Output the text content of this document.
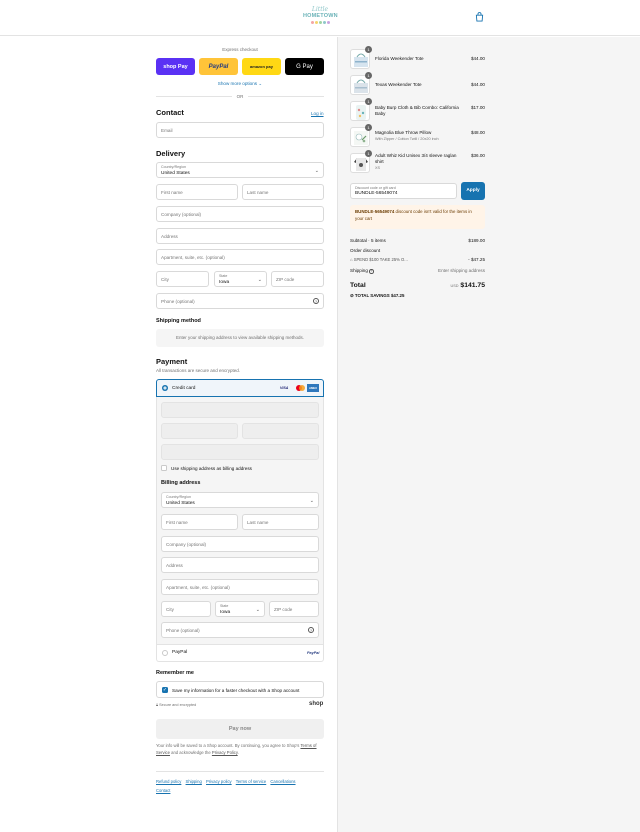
Little
HOMETOWN
Express checkout
shop Pay	PayPal	amazon pay	G Pay
Show more options ⌄
OR
Contact	Log in
Email
Delivery
Country/Region
United States	⌄
First name	Last name
Company (optional)
Address
Apartment, suite, etc. (optional)
City
State
Iowa	⌄	ZIP code
Phone (optional)	?
Shipping method
Enter your shipping address to view available shipping methods.
Payment
All transactions are secure and encrypted.
Credit card	VISA	AMEX
Use shipping address as billing address
Billing address
Country/Region
United States	⌄
First name	Last name
Company (optional)
Address
Apartment, suite, etc. (optional)
City
State
Iowa	⌄	ZIP code
Phone (optional)	?
PayPal	PayPal
Remember me
✓ Save my information for a faster checkout with a Shop account
🔒︎ Secure and encrypted	shop
Pay now
Your info will be saved to a Shop account. By continuing, you agree to Shop's Terms of Service and acknowledge the Privacy Policy.
Refund policy Shipping Privacy policy Terms of service Cancellations
Contact
1
Florida Weekender Tote	$44.00
1
Texas Weekender Tote	$44.00
1
Baby Burp Cloth & Bib Combo: California Baby
$17.00
1
Magnolia Blue Throw Pillow
With Zipper / Cotton Twill / 20x20 inch
$48.00
1	Adult Whiz Kid Unisex 3/4 sleeve raglan shirt
XS
$36.00
Discount code or gift card
BUNDLE-56549074
Apply
BUNDLE-56549074 discount code isn't valid for the items in your cart
Subtotal · 5 items	$189.00
Order discount
⌂ SPEND $100 TAKE 25% O...	- $47.25
Shipping ?	Enter shipping address
Total	USD $141.75
⊘ TOTAL SAVINGS $47.25
